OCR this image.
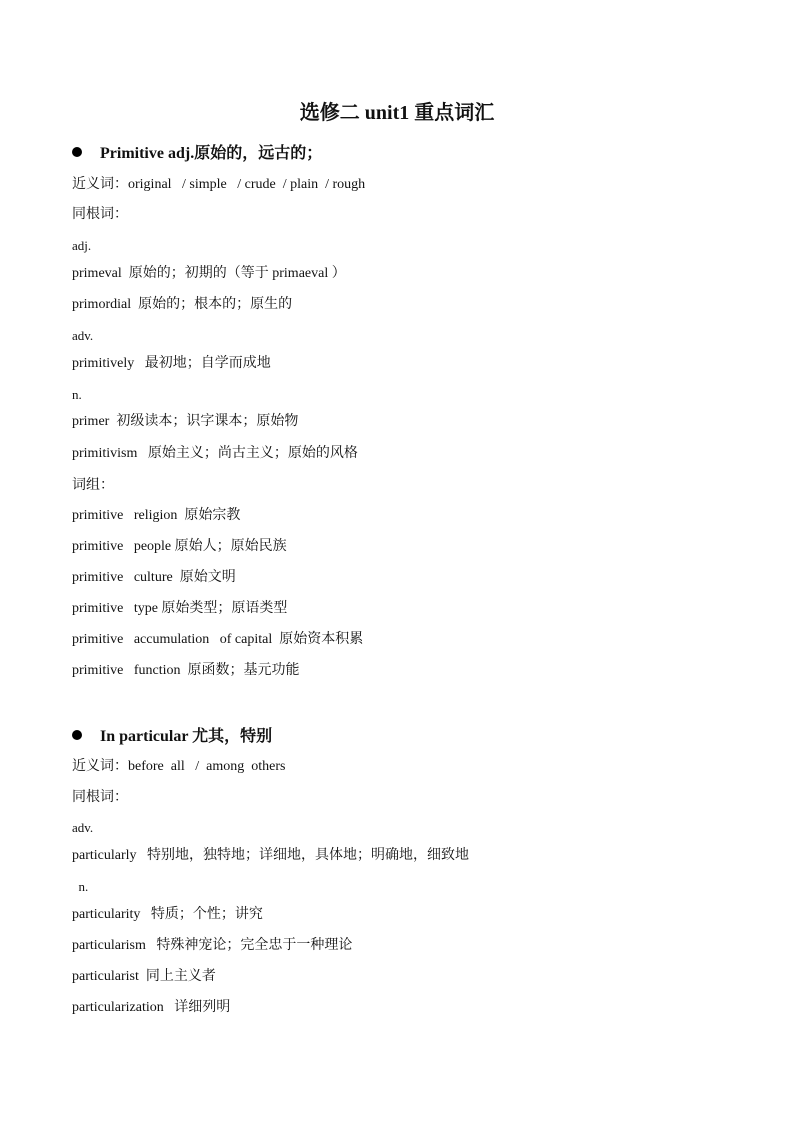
选修二 unit1 重点词汇
Primitive adj.原始的，远古的；
近义词：original   / simple   / crude  / plain  / rough
同根词：
adj.
primeval  原始的；初期的（等于 primaeval ）
primordial  原始的；根本的；原生的
adv.
primitively   最初地；自学而成地
n.
primer  初级读本；识字课本；原始物
primitivism   原始主义；尚古主义；原始的风格
词组：
primitive   religion  原始宗教
primitive   people 原始人；原始民族
primitive   culture  原始文明
primitive   type 原始类型；原语类型
primitive   accumulation   of capital  原始资本积累
primitive   function  原函数；基元功能
In particular 尤其，特别
近义词：before  all   /  among  others
同根词：
adv.
particularly   特别地，独特地；详细地，具体地；明确地，细致地
n.
particularity   特质；个性；讲究
particularism   特殊神宠论；完全忠于一种理论
particularist  同上主义者
particularization   详细列明
